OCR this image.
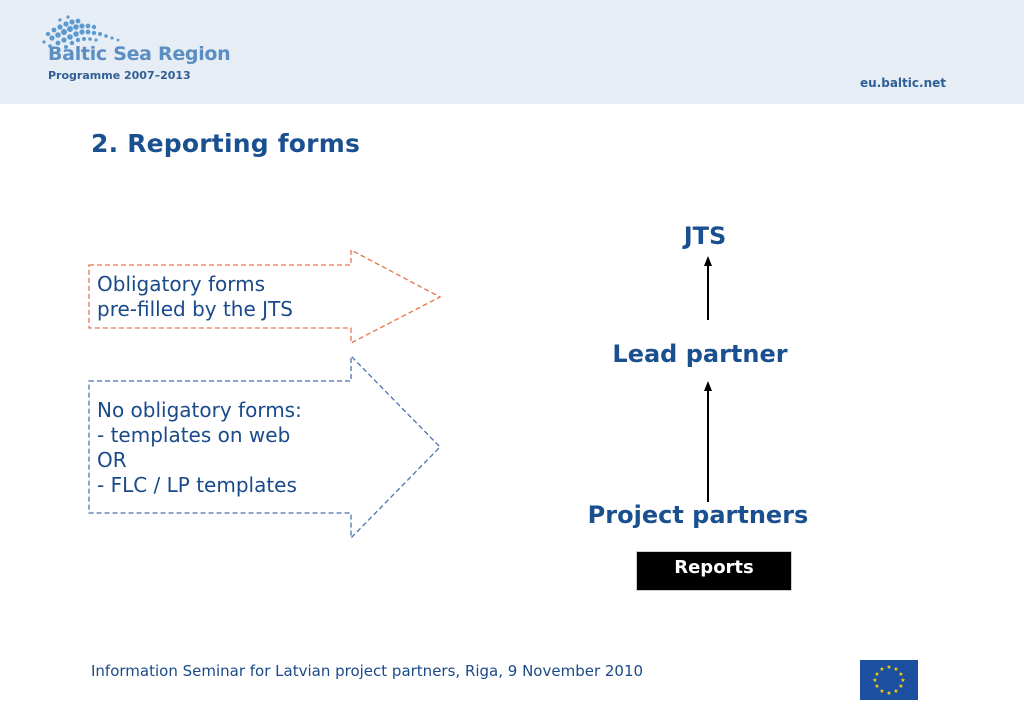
Baltic Sea Region
Programme 2007–2013
eu.baltic.net
2. Reporting forms
Obligatory forms
pre-filled by the JTS
No obligatory forms:
- templates on web
OR
- FLC / LP templates
JTS
Lead partner
Project partners
Reports
Information Seminar for Latvian project partners, Riga, 9 November 2010	★ ★
★
★
★
★
★
★
★
★
★
★
